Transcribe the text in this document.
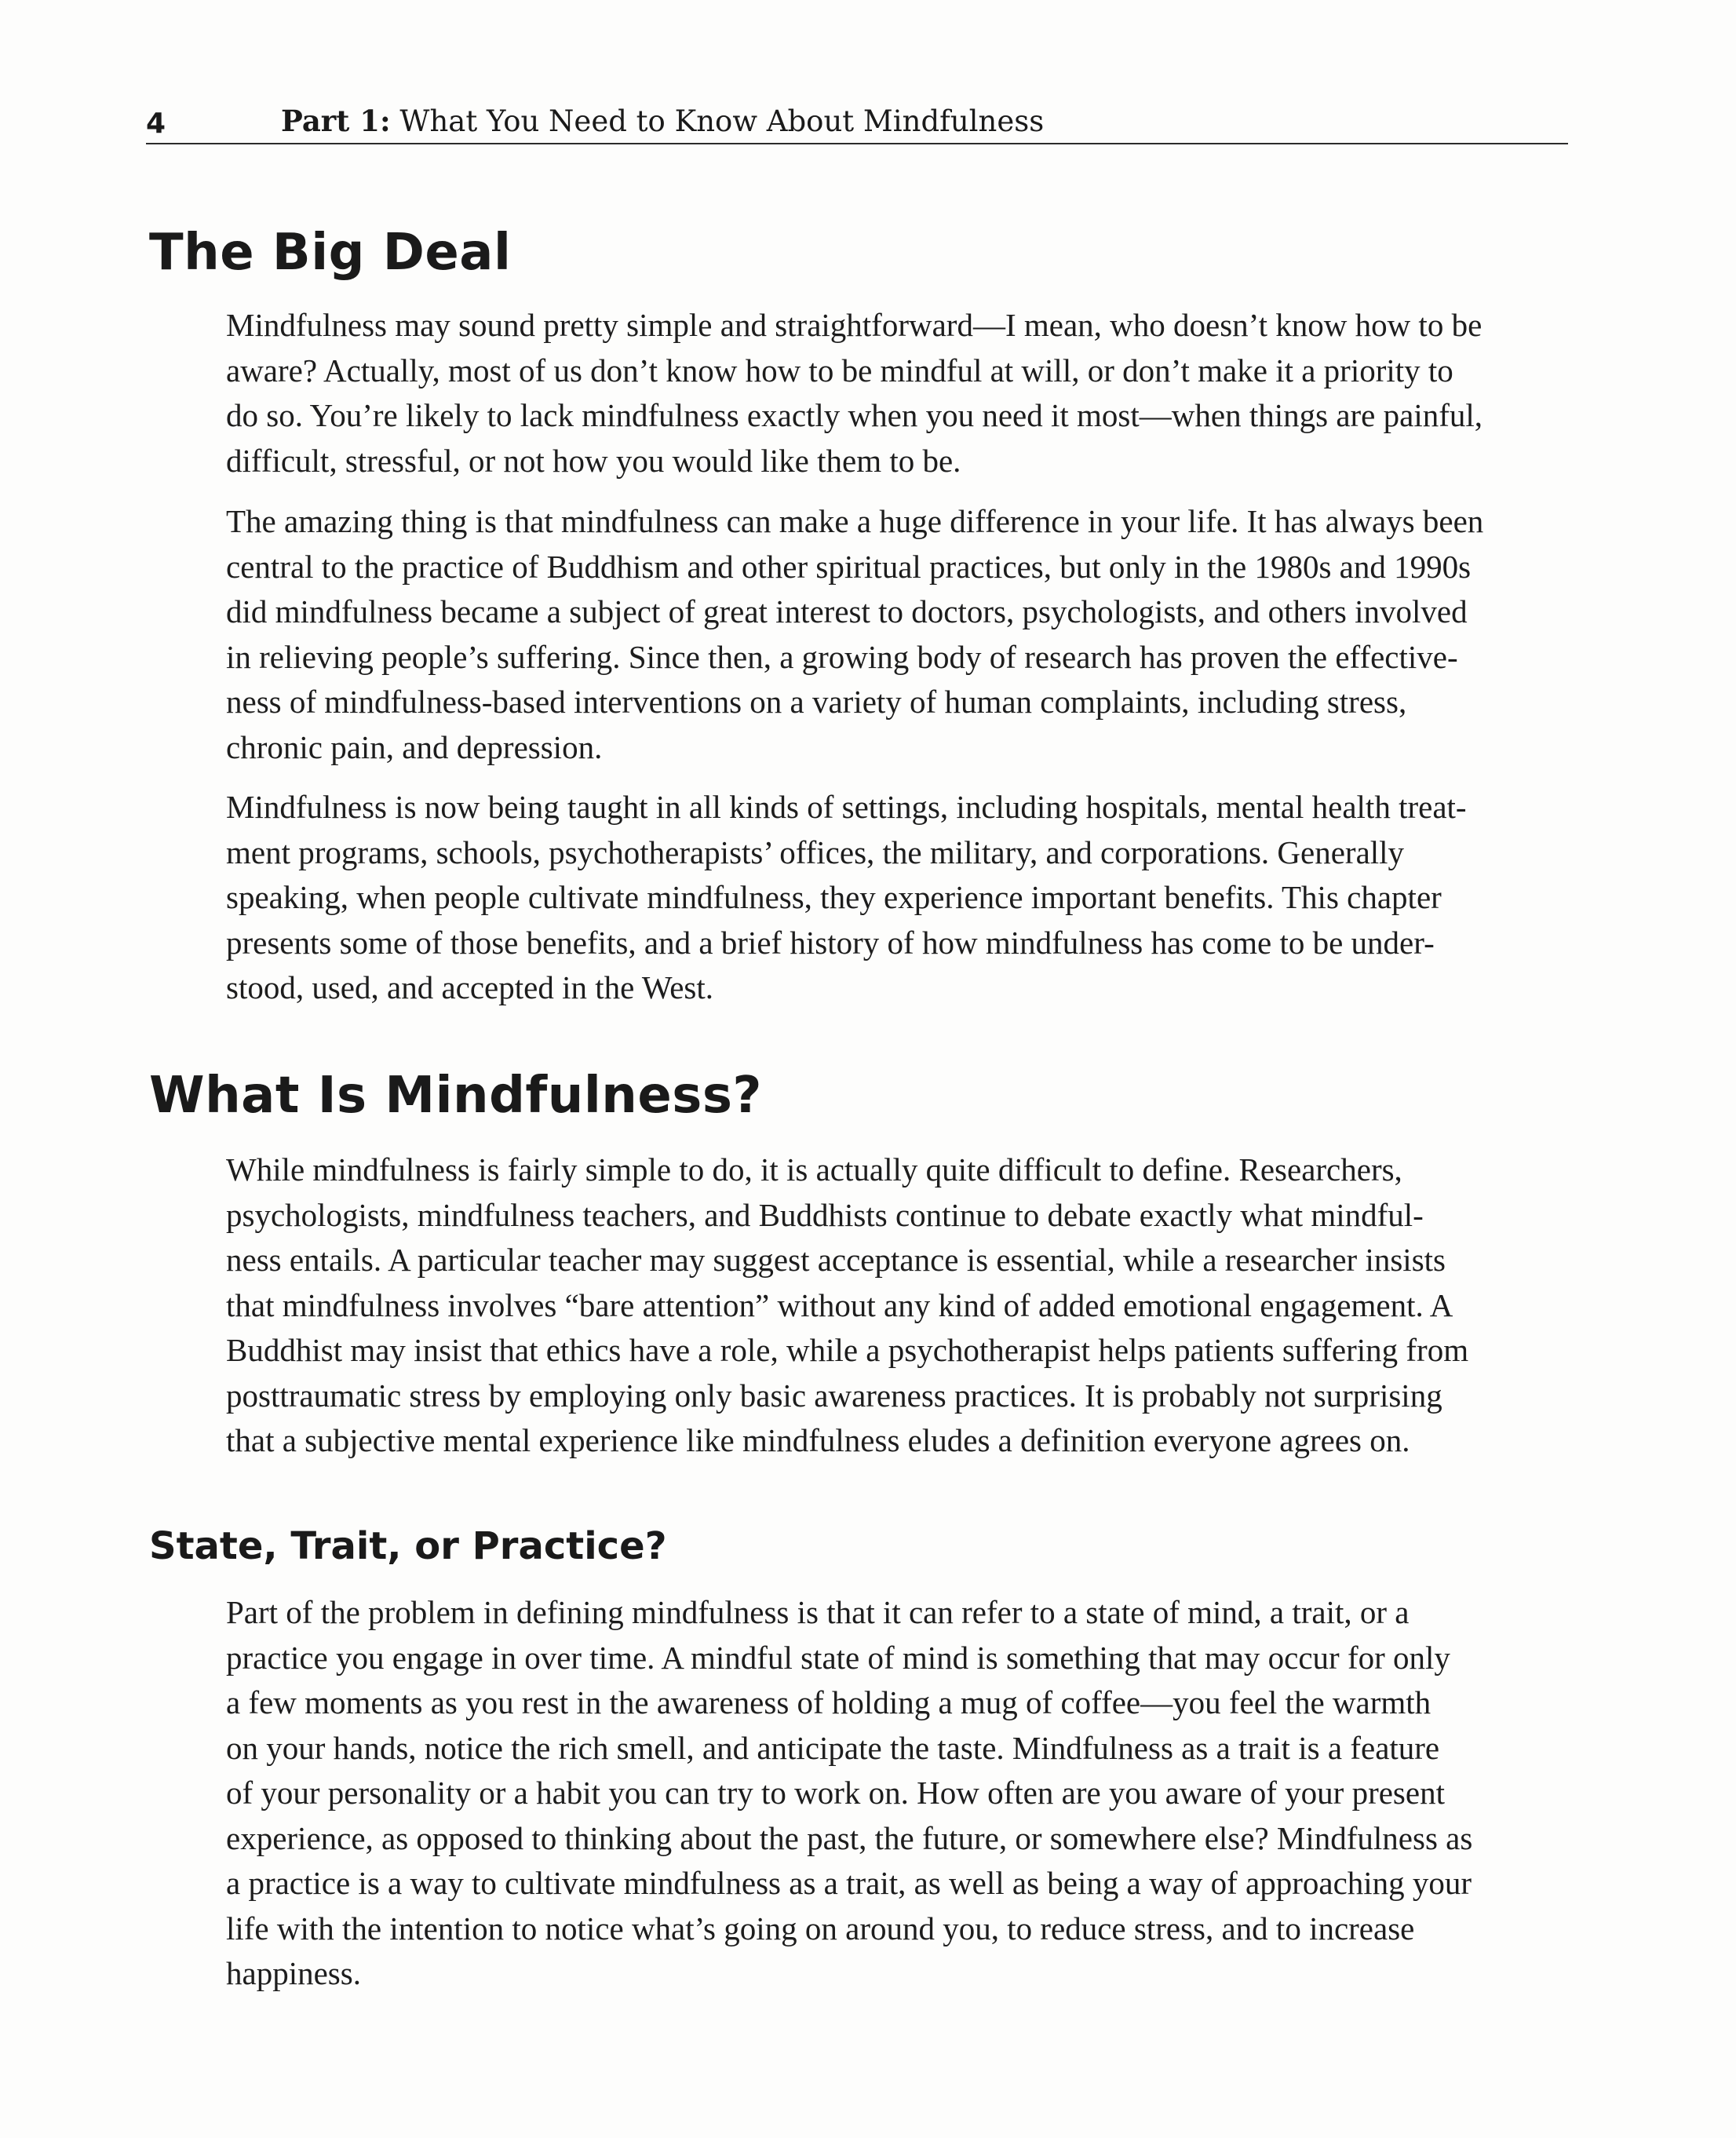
4	Part 1: What You Need to Know About Mindfulness
The Big Deal
Mindfulness may sound pretty simple and straightforward—I mean, who doesn’t know how to be
aware? Actually, most of us don’t know how to be mindful at will, or don’t make it a priority to
do so. You’re likely to lack mindfulness exactly when you need it most—when things are painful,
difficult, stressful, or not how you would like them to be.
The amazing thing is that mindfulness can make a huge difference in your life. It has always been
central to the practice of Buddhism and other spiritual practices, but only in the 1980s and 1990s
did mindfulness became a subject of great interest to doctors, psychologists, and others involved
in relieving people’s suffering. Since then, a growing body of research has proven the effective-
ness of mindfulness-based interventions on a variety of human complaints, including stress,
chronic pain, and depression.
Mindfulness is now being taught in all kinds of settings, including hospitals, mental health treat-
ment programs, schools, psychotherapists’ offices, the military, and corporations. Generally
speaking, when people cultivate mindfulness, they experience important benefits. This chapter
presents some of those benefits, and a brief history of how mindfulness has come to be under-
stood, used, and accepted in the West.
What Is Mindfulness?
While mindfulness is fairly simple to do, it is actually quite difficult to define. Researchers,
psychologists, mindfulness teachers, and Buddhists continue to debate exactly what mindful-
ness entails. A particular teacher may suggest acceptance is essential, while a researcher insists
that mindfulness involves “bare attention” without any kind of added emotional engagement. A
Buddhist may insist that ethics have a role, while a psychotherapist helps patients suffering from
posttraumatic stress by employing only basic awareness practices. It is probably not surprising
that a subjective mental experience like mindfulness eludes a definition everyone agrees on.
State, Trait, or Practice?
Part of the problem in defining mindfulness is that it can refer to a state of mind, a trait, or a
practice you engage in over time. A mindful state of mind is something that may occur for only
a few moments as you rest in the awareness of holding a mug of coffee—you feel the warmth
on your hands, notice the rich smell, and anticipate the taste. Mindfulness as a trait is a feature
of your personality or a habit you can try to work on. How often are you aware of your present
experience, as opposed to thinking about the past, the future, or somewhere else? Mindfulness as
a practice is a way to cultivate mindfulness as a trait, as well as being a way of approaching your
life with the intention to notice what’s going on around you, to reduce stress, and to increase
happiness.
